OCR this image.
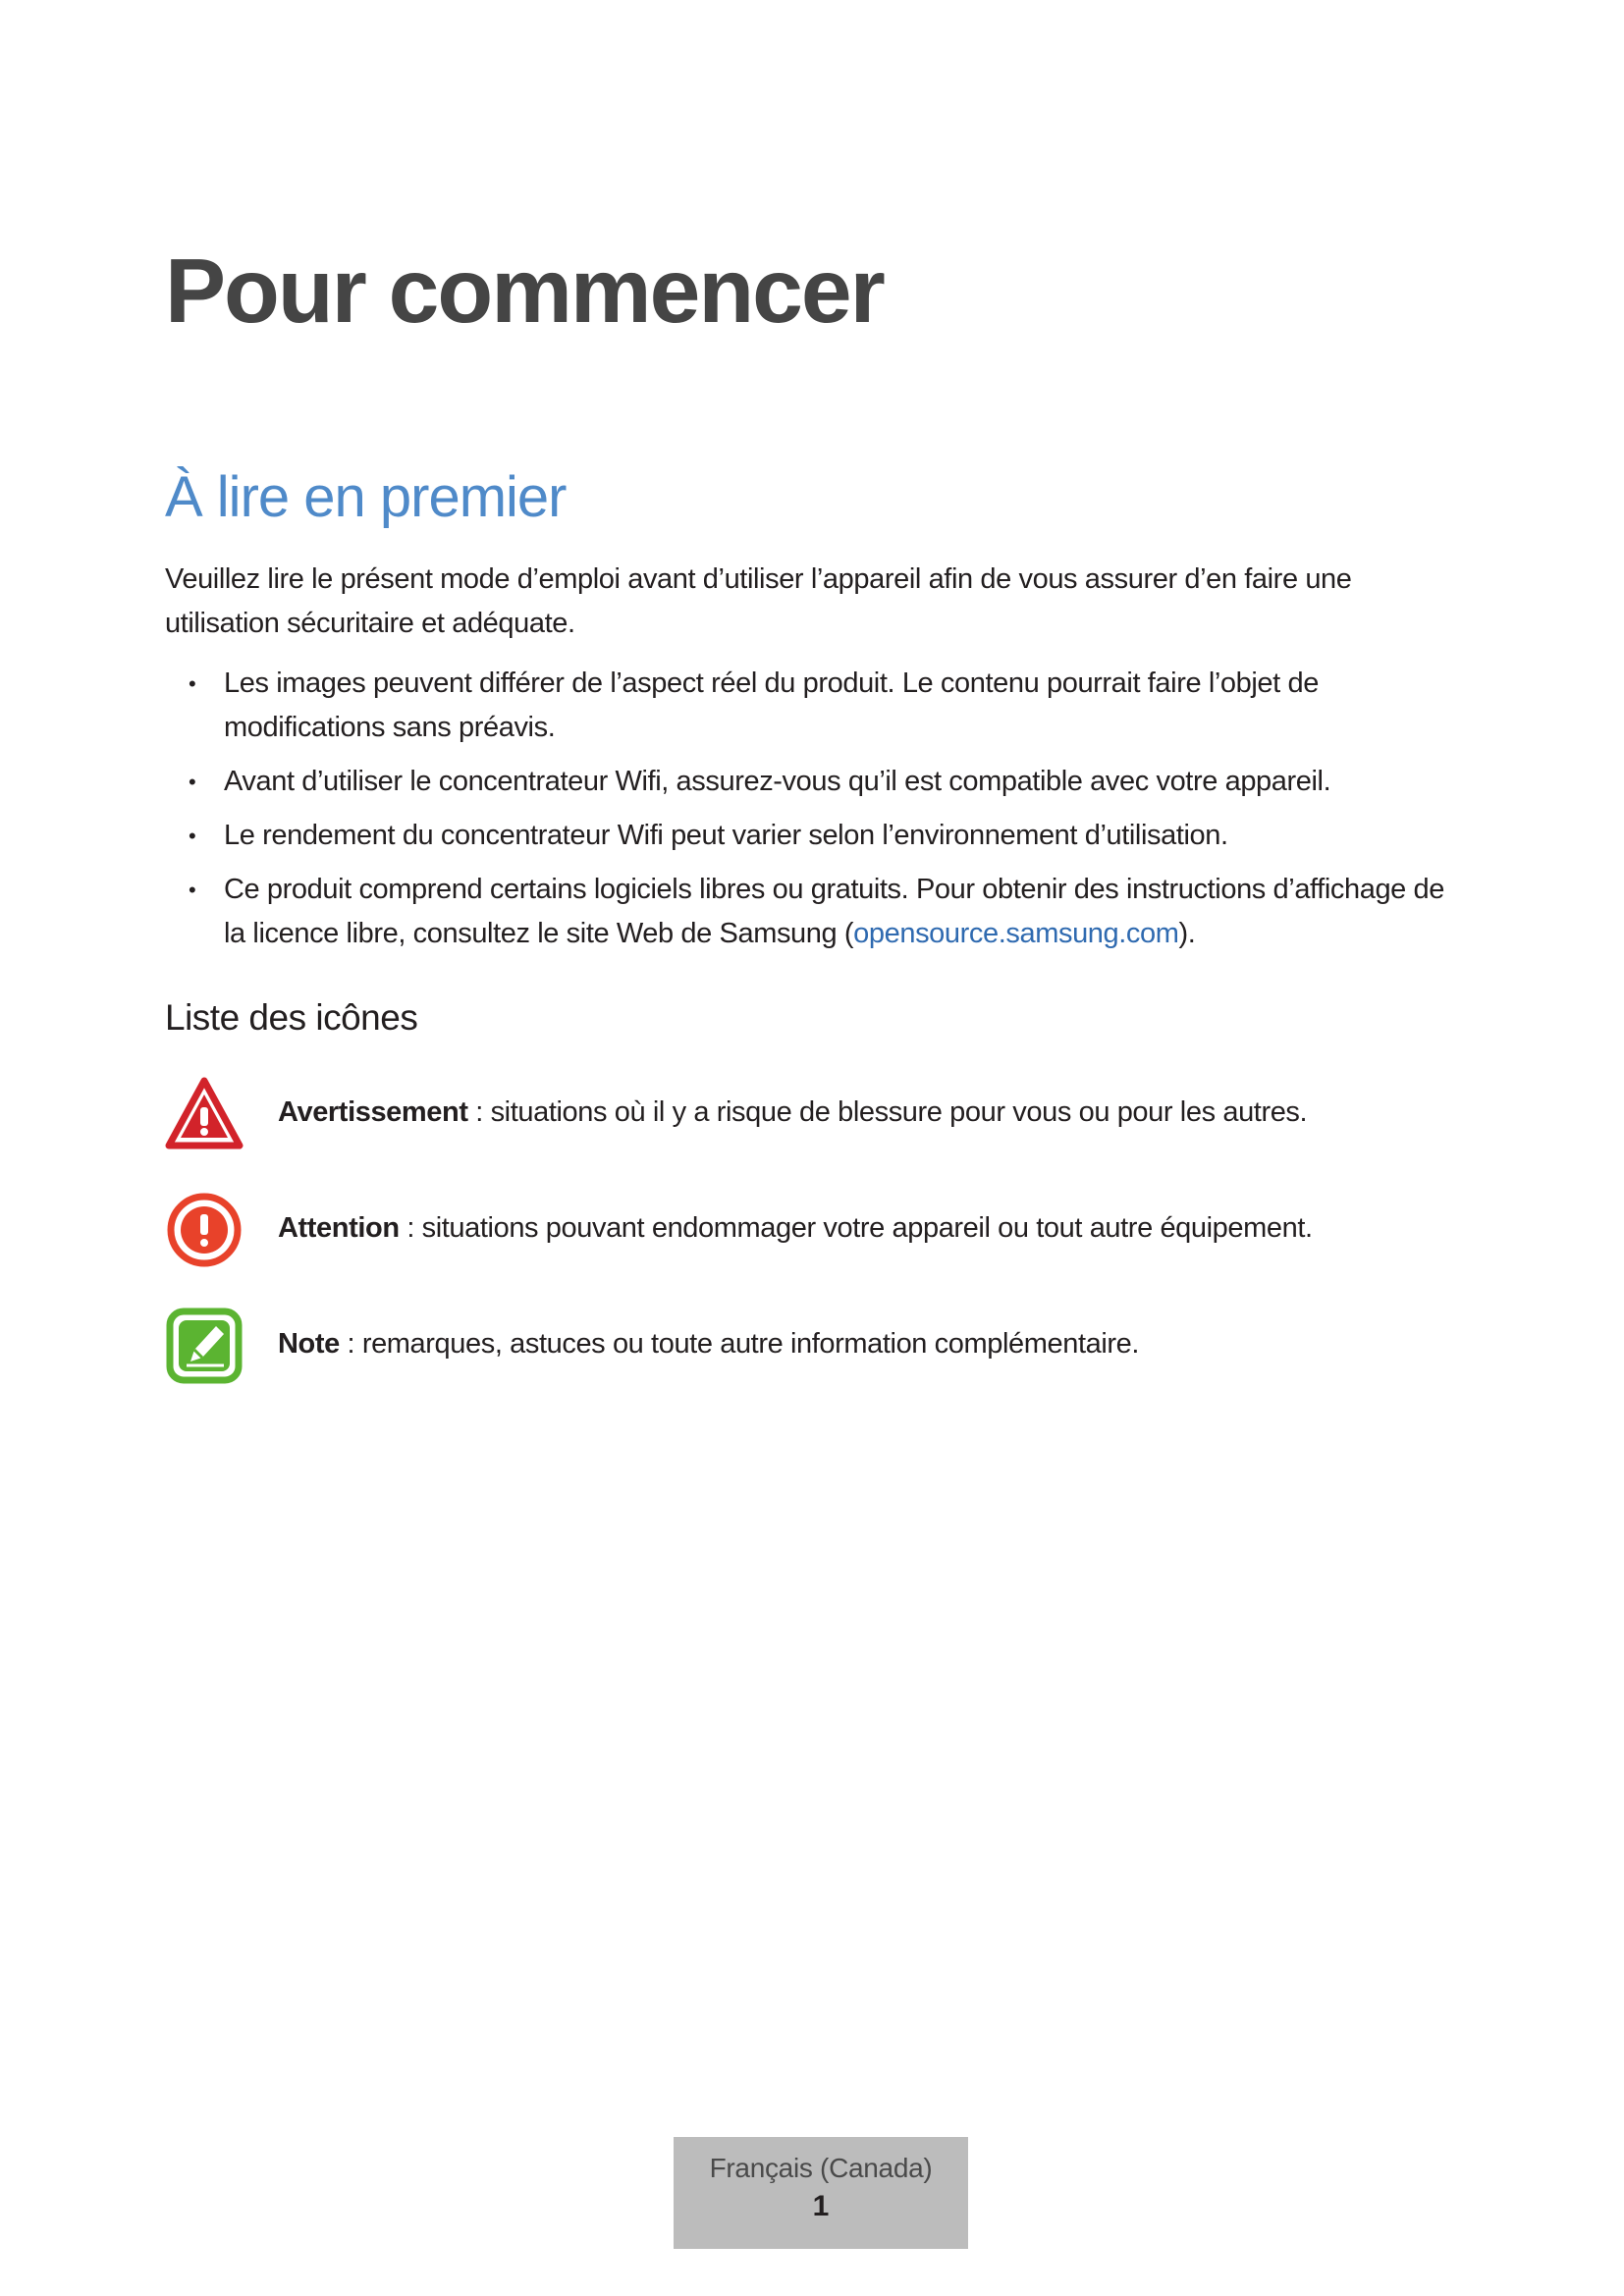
Pour commencer
À lire en premier

Veuillez lire le présent mode d’emploi avant d’utiliser l’appareil afin de vous assurer d’en faire une utilisation sécuritaire et adéquate.

• Les images peuvent différer de l’aspect réel du produit. Le contenu pourrait faire l’objet de modifications sans préavis.
• Avant d’utiliser le concentrateur Wifi, assurez-vous qu’il est compatible avec votre appareil.
• Le rendement du concentrateur Wifi peut varier selon l’environnement d’utilisation.
• Ce produit comprend certains logiciels libres ou gratuits. Pour obtenir des instructions d’affichage de la licence libre, consultez le site Web de Samsung (opensource.samsung.com).
Liste des icônes
Avertissement : situations où il y a risque de blessure pour vous ou pour les autres.
Attention : situations pouvant endommager votre appareil ou tout autre équipement.
Note : remarques, astuces ou toute autre information complémentaire.
Français (Canada)
1
